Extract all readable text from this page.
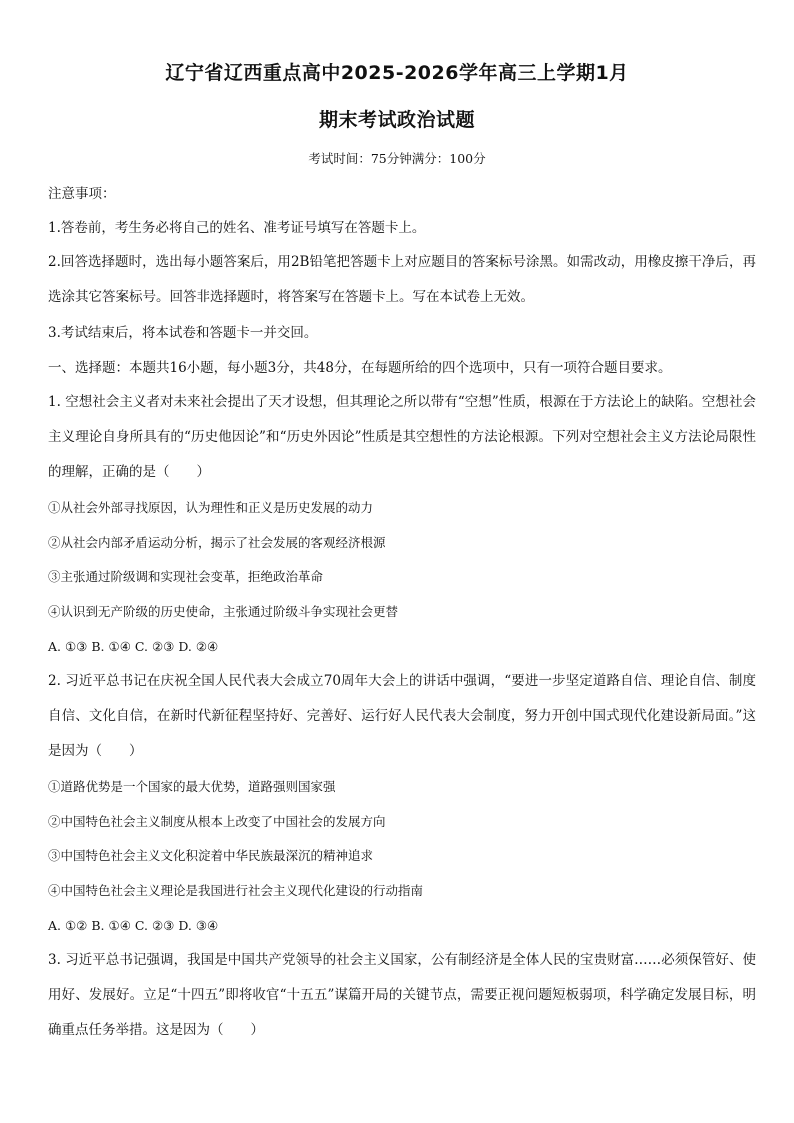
辽宁省辽西重点高中2025-2026学年高三上学期1月
期末考试政治试题
考试时间：75分钟满分：100分
注意事项：
1.答卷前，考生务必将自己的姓名、准考证号填写在答题卡上。
2.回答选择题时，选出每小题答案后，用2B铅笔把答题卡上对应题目的答案标号涂黑。如需改动，用橡皮擦干净后，再选涂其它答案标号。回答非选择题时，将答案写在答题卡上。写在本试卷上无效。
3.考试结束后，将本试卷和答题卡一并交回。
一、选择题：本题共16小题，每小题3分，共48分，在每题所给的四个选项中，只有一项符合题目要求。
1. 空想社会主义者对未来社会提出了天才设想，但其理论之所以带有“空想”性质，根源在于方法论上的缺陷。空想社会主义理论自身所具有的“历史他因论”和“历史外因论”性质是其空想性的方法论根源。下列对空想社会主义方法论局限性的理解，正确的是（　　）
①从社会外部寻找原因，认为理性和正义是历史发展的动力
②从社会内部矛盾运动分析，揭示了社会发展的客观经济根源
③主张通过阶级调和实现社会变革，拒绝政治革命
④认识到无产阶级的历史使命，主张通过阶级斗争实现社会更替
A. ①③ B. ①④ C. ②③ D. ②④
2. 习近平总书记在庆祝全国人民代表大会成立70周年大会上的讲话中强调，“要进一步坚定道路自信、理论自信、制度自信、文化自信，在新时代新征程坚持好、完善好、运行好人民代表大会制度，努力开创中国式现代化建设新局面。”这是因为（　　）
①道路优势是一个国家的最大优势，道路强则国家强
②中国特色社会主义制度从根本上改变了中国社会的发展方向
③中国特色社会主义文化积淀着中华民族最深沉的精神追求
④中国特色社会主义理论是我国进行社会主义现代化建设的行动指南
A. ①② B. ①④ C. ②③ D. ③④
3. 习近平总书记强调，我国是中国共产党领导的社会主义国家，公有制经济是全体人民的宝贵财富……必须保管好、使用好、发展好。立足“十四五”即将收官“十五五”谋篇开局的关键节点，需要正视问题短板弱项，科学确定发展目标，明确重点任务举措。这是因为（　　）
